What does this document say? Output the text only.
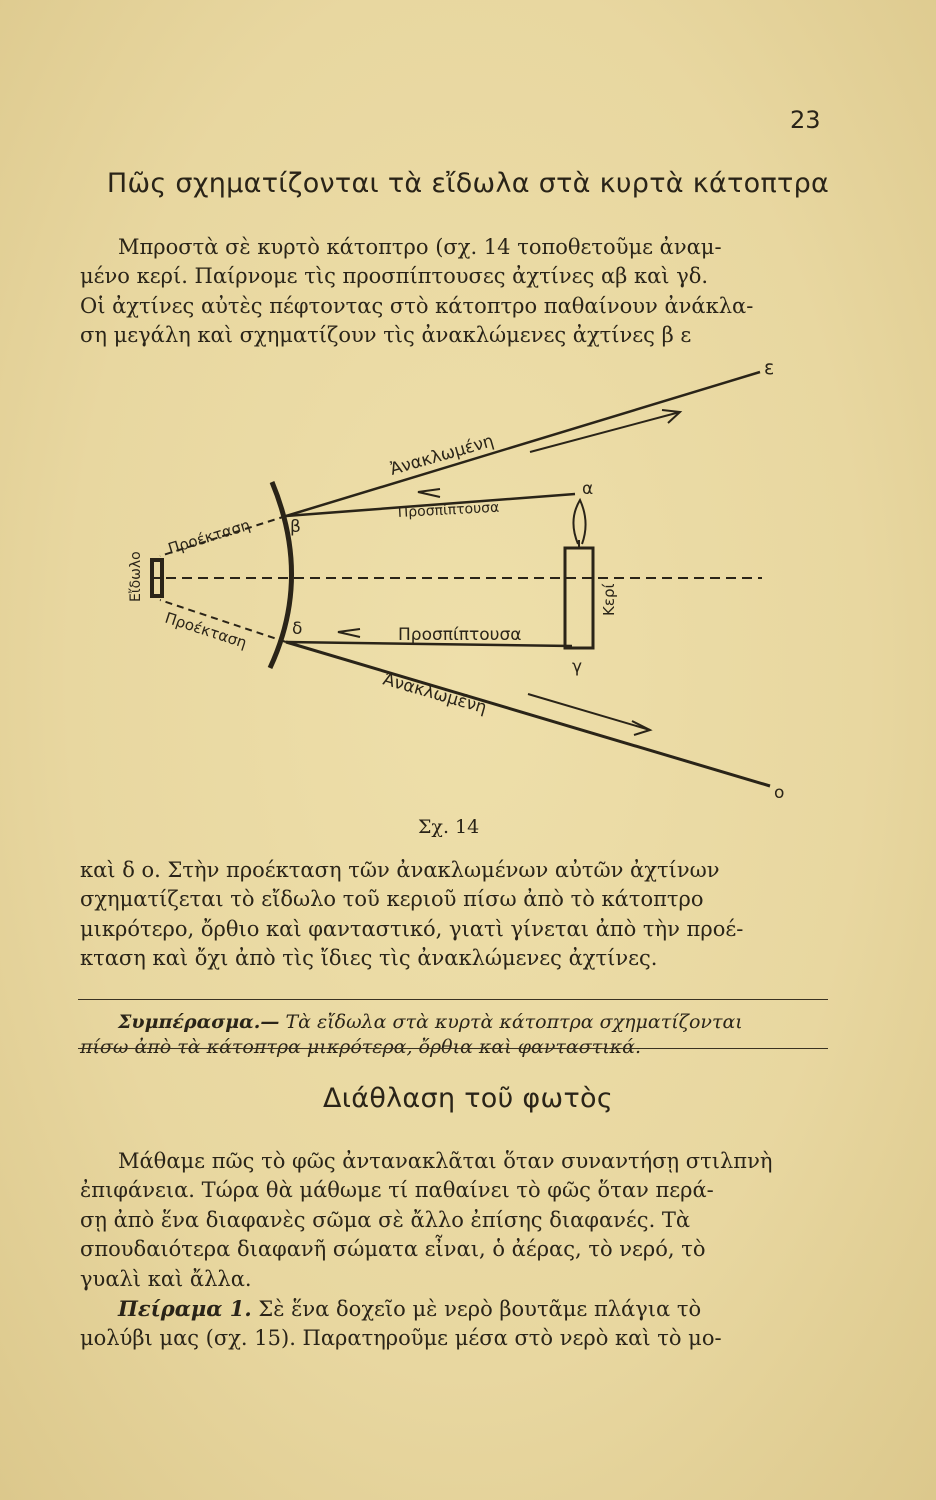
23
Πῶς σχηματίζονται τὰ εἴδωλα στὰ κυρτὰ κάτοπτρα

Μπροστὰ σὲ κυρτὸ κάτοπτρο (σχ. 14 τοποθετοῦμε ἀναμ-
μένο κερί. Παίρνομε τὶς προσπίπτουσες ἀχτίνες αβ καὶ γδ.
Οἱ ἀχτίνες αὐτὲς πέφτοντας στὸ κάτοπτρο παθαίνουν ἀνάκλα-
ση μεγάλη καὶ σχηματίζουν τὶς ἀνακλώμενες ἀχτίνες β ε

Ἀνακλωμένη
Προσπίπτουσα
Προσπίπτουσα
Ἀνακλωμένη
Προέκταση
Προέκταση
Εἴδωλο	Κερί
α
β
γ
δ
ε
ο
Σχ. 14

καὶ δ ο. Στὴν προέκταση τῶν ἀνακλωμένων αὐτῶν ἀχτίνων
σχηματίζεται τὸ εἴδωλο τοῦ κεριοῦ πίσω ἀπὸ τὸ κάτοπτρο
μικρότερο, ὄρθιο καὶ φανταστικό, γιατὶ γίνεται ἀπὸ τὴν προέ-
κταση καὶ ὄχι ἀπὸ τὶς ἴδιες τὶς ἀνακλώμενες ἀχτίνες.

Συμπέρασμα.— Τὰ εἴδωλα στὰ κυρτὰ κάτοπτρα σχηματίζονται
πίσω ἀπὸ τὰ κάτοπτρα μικρότερα, ὄρθια καὶ φανταστικά.

Διάθλαση τοῦ φωτὸς

Μάθαμε πῶς τὸ φῶς ἀντανακλᾶται ὅταν συναντήσῃ στιλπνὴ
ἐπιφάνεια. Τώρα θὰ μάθωμε τί παθαίνει τὸ φῶς ὅταν περά-
σῃ ἀπὸ ἕνα διαφανὲς σῶμα σὲ ἄλλο ἐπίσης διαφανές. Τὰ
σπουδαιότερα διαφανῆ σώματα εἶναι, ὁ ἀέρας, τὸ νερό, τὸ
γυαλὶ καὶ ἄλλα.
Πείραμα 1. Σὲ ἕνα δοχεῖο μὲ νερὸ βουτᾶμε πλάγια τὸ
μολύβι μας (σχ. 15). Παρατηροῦμε μέσα στὸ νερὸ καὶ τὸ μο-
